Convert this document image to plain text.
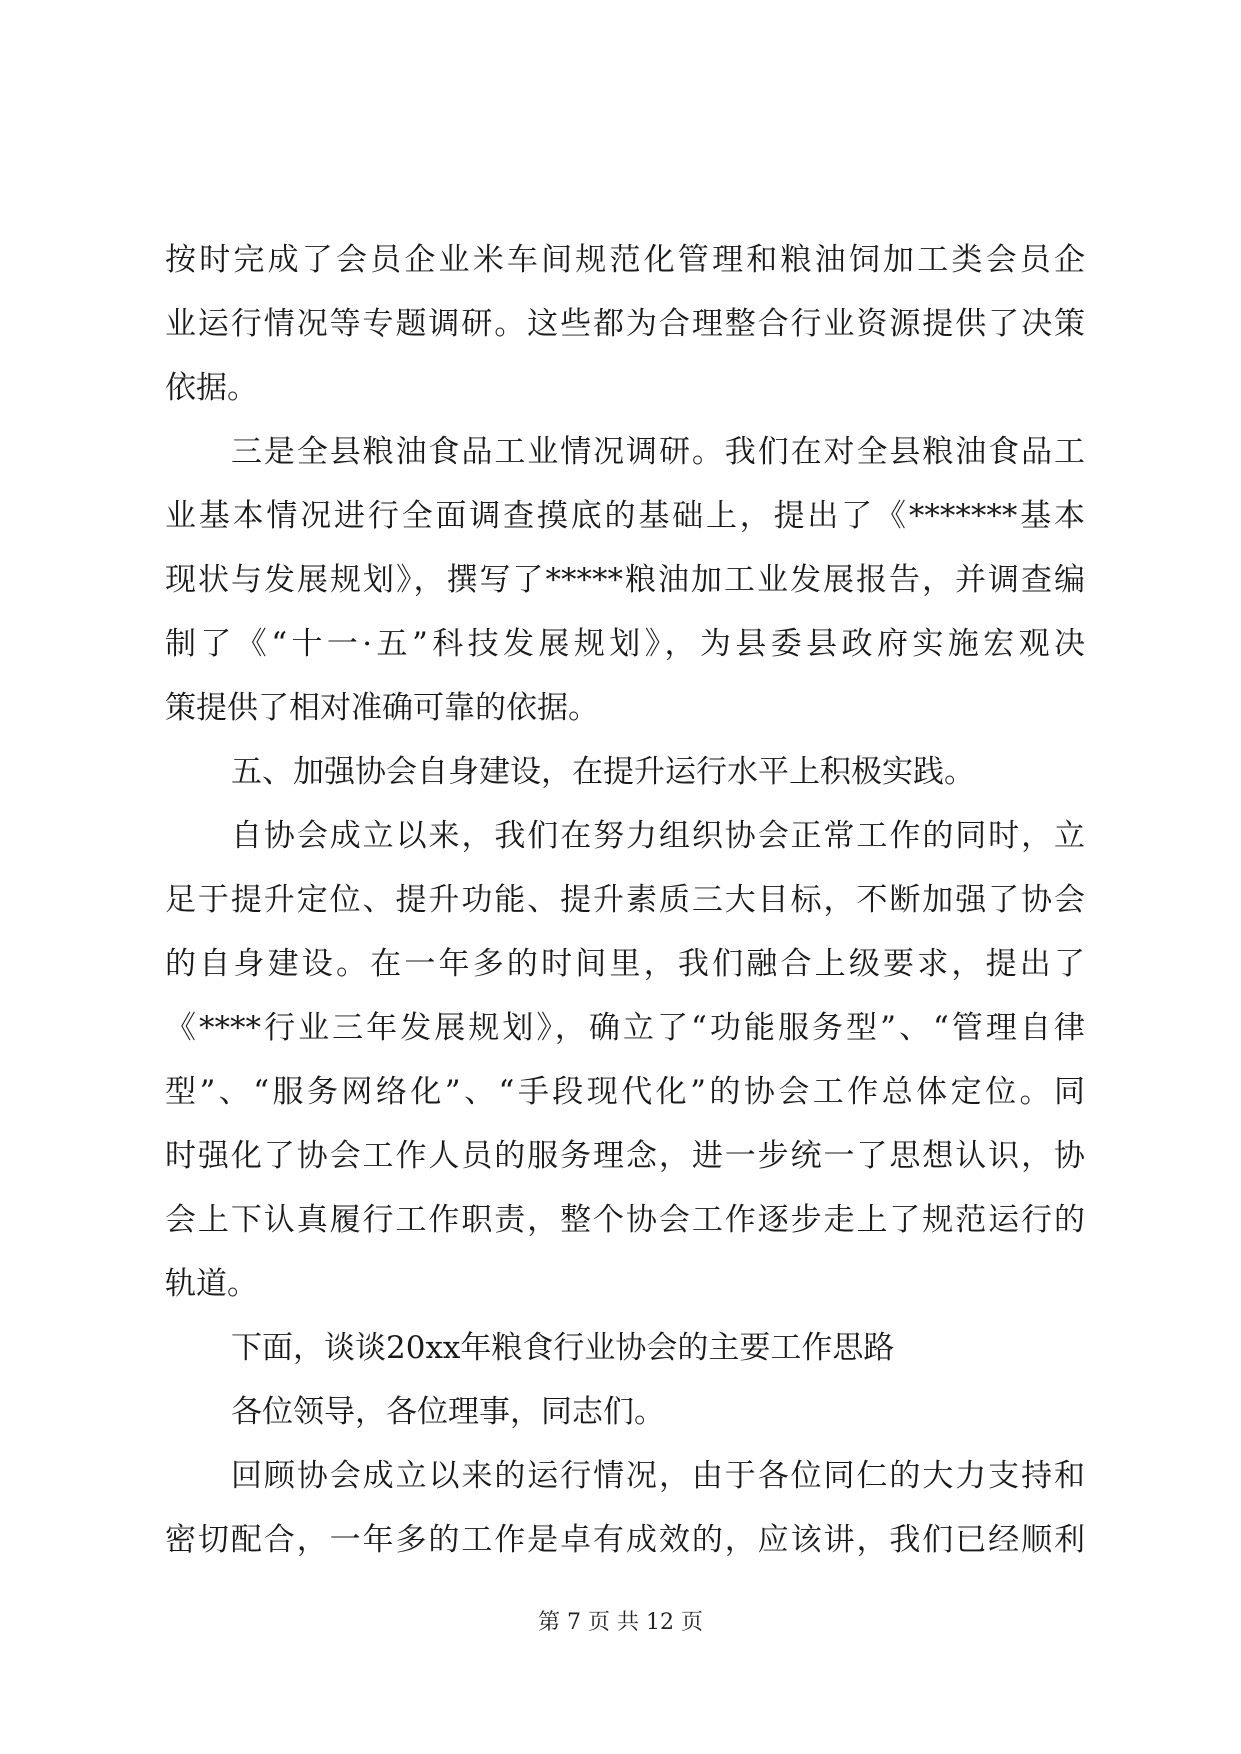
按时完成了会员企业米车间规范化管理和粮油饲加工类会员企
业运行情况等专题调研。这些都为合理整合行业资源提供了决策
依据。
三是全县粮油食品工业情况调研。我们在对全县粮油食品工
业基本情况进行全面调查摸底的基础上，提出了《*******基本
现状与发展规划》，撰写了*****粮油加工业发展报告，并调查编
制了《“十一·五”科技发展规划》，为县委县政府实施宏观决
策提供了相对准确可靠的依据。
五、加强协会自身建设，在提升运行水平上积极实践。
自协会成立以来，我们在努力组织协会正常工作的同时，立
足于提升定位、提升功能、提升素质三大目标，不断加强了协会
的自身建设。在一年多的时间里，我们融合上级要求，提出了
《****行业三年发展规划》，确立了“功能服务型”、“管理自律
型”、“服务网络化”、“手段现代化”的协会工作总体定位。同
时强化了协会工作人员的服务理念，进一步统一了思想认识，协
会上下认真履行工作职责，整个协会工作逐步走上了规范运行的
轨道。
下面，谈谈20xx年粮食行业协会的主要工作思路
各位领导，各位理事，同志们。
回顾协会成立以来的运行情况，由于各位同仁的大力支持和
密切配合，一年多的工作是卓有成效的，应该讲，我们已经顺利
第 7 页 共 12 页
